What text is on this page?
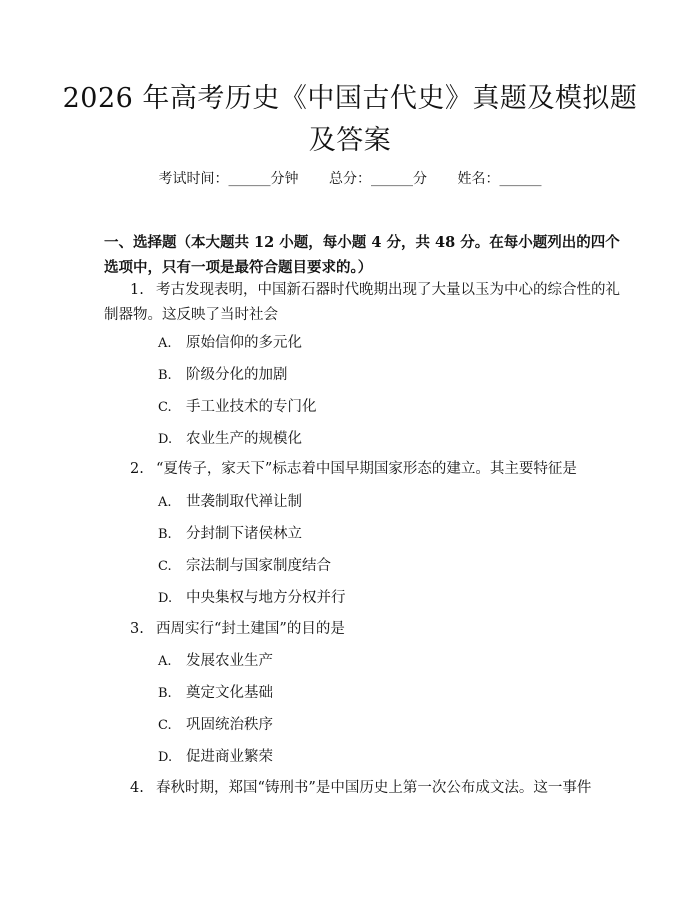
2026 年高考历史《中国古代史》真题及模拟题及答案
考试时间：______分钟 总分：______分 姓名：______

一、选择题（本大题共 12 小题，每小题 4 分，共 48 分。在每小题列出的四个选项中，只有一项是最符合题目要求的。）

1. 考古发现表明，中国新石器时代晚期出现了大量以玉为中心的综合性的礼制器物。这反映了当时社会

A. 原始信仰的多元化

B. 阶级分化的加剧

C. 手工业技术的专门化

D. 农业生产的规模化

2. “夏传子，家天下”标志着中国早期国家形态的建立。其主要特征是

A. 世袭制取代禅让制

B. 分封制下诸侯林立

C. 宗法制与国家制度结合

D. 中央集权与地方分权并行

3. 西周实行“封土建国”的目的是

A. 发展农业生产

B. 奠定文化基础

C. 巩固统治秩序

D. 促进商业繁荣

4. 春秋时期，郑国“铸刑书”是中国历史上第一次公布成文法。这一事件
